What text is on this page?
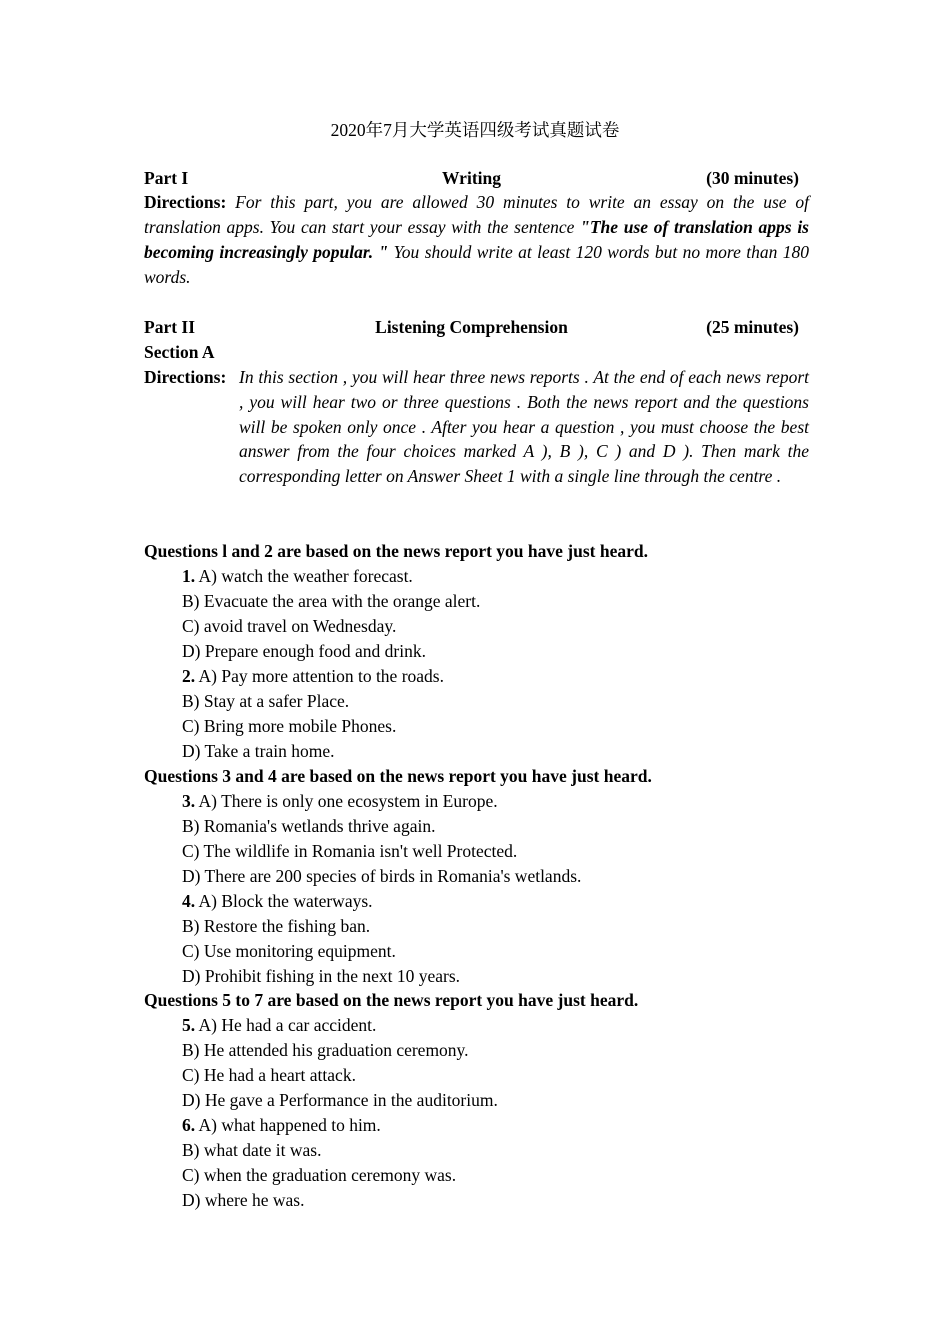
2020年7月大学英语四级考试真题试卷
Part I	Writing	(30 minutes)
Directions: For this part, you are allowed 30 minutes to write an essay on the use of translation apps. You can start your essay with the sentence "The use of translation apps is becoming increasingly popular. " You should write at least 120 words but no more than 180 words.
Part II	Listening Comprehension	(25 minutes)
Section A
Directions: In this section , you will hear three news reports . At the end of each news report , you will hear two or three questions . Both the news report and the questions will be spoken only once . After you hear a question , you must choose the best answer from the four choices marked A ), B ), C ) and D ). Then mark the corresponding letter on Answer Sheet 1 with a single line through the centre .
Questions l and 2 are based on the news report you have just heard.
1. A) watch the weather forecast.
B) Evacuate the area with the orange alert.
C) avoid travel on Wednesday.
D) Prepare enough food and drink.
2. A) Pay more attention to the roads.
B) Stay at a safer Place.
C) Bring more mobile Phones.
D) Take a train home.
Questions 3 and 4 are based on the news report you have just heard.
3. A) There is only one ecosystem in Europe.
B) Romania's wetlands thrive again.
C) The wildlife in Romania isn't well Protected.
D) There are 200 species of birds in Romania's wetlands.
4. A) Block the waterways.
B) Restore the fishing ban.
C) Use monitoring equipment.
D) Prohibit fishing in the next 10 years.
Questions 5 to 7 are based on the news report you have just heard.
5. A) He had a car accident.
B) He attended his graduation ceremony.
C) He had a heart attack.
D) He gave a Performance in the auditorium.
6. A) what happened to him.
B) what date it was.
C) when the graduation ceremony was.
D) where he was.
